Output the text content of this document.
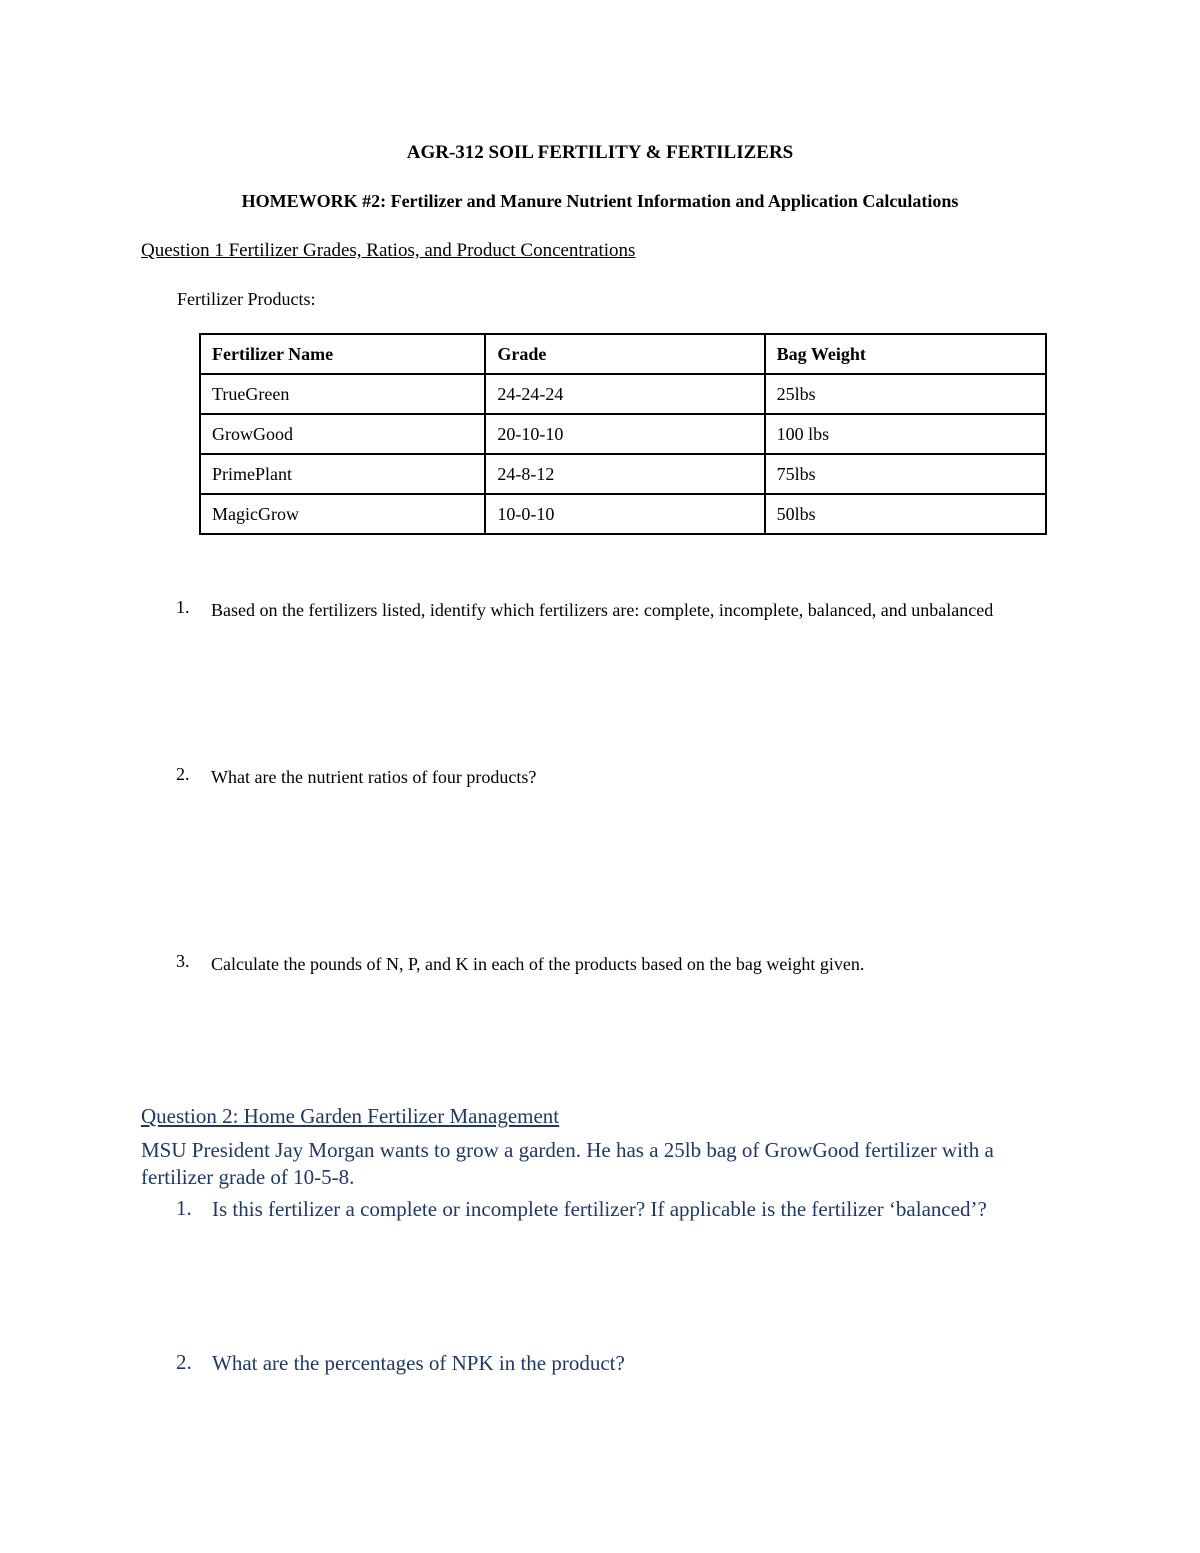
AGR-312 SOIL FERTILITY & FERTILIZERS
HOMEWORK #2: Fertilizer and Manure Nutrient Information and Application Calculations
Question 1 Fertilizer Grades, Ratios, and Product Concentrations
Fertilizer Products:
Fertilizer Name	Grade	Bag Weight
TrueGreen	24-24-24	25lbs
GrowGood	20-10-10	100 lbs
PrimePlant	24-8-12	75lbs
MagicGrow	10-0-10	50lbs
1. Based on the fertilizers listed, identify which fertilizers are: complete, incomplete, balanced, and unbalanced
2. What are the nutrient ratios of four products?
3. Calculate the pounds of N, P, and K in each of the products based on the bag weight given.
Question 2: Home Garden Fertilizer Management
MSU President Jay Morgan wants to grow a garden. He has a 25lb bag of GrowGood fertilizer with a fertilizer grade of 10-5-8.
1. Is this fertilizer a complete or incomplete fertilizer? If applicable is the fertilizer ‘balanced’?
2. What are the percentages of NPK in the product?
